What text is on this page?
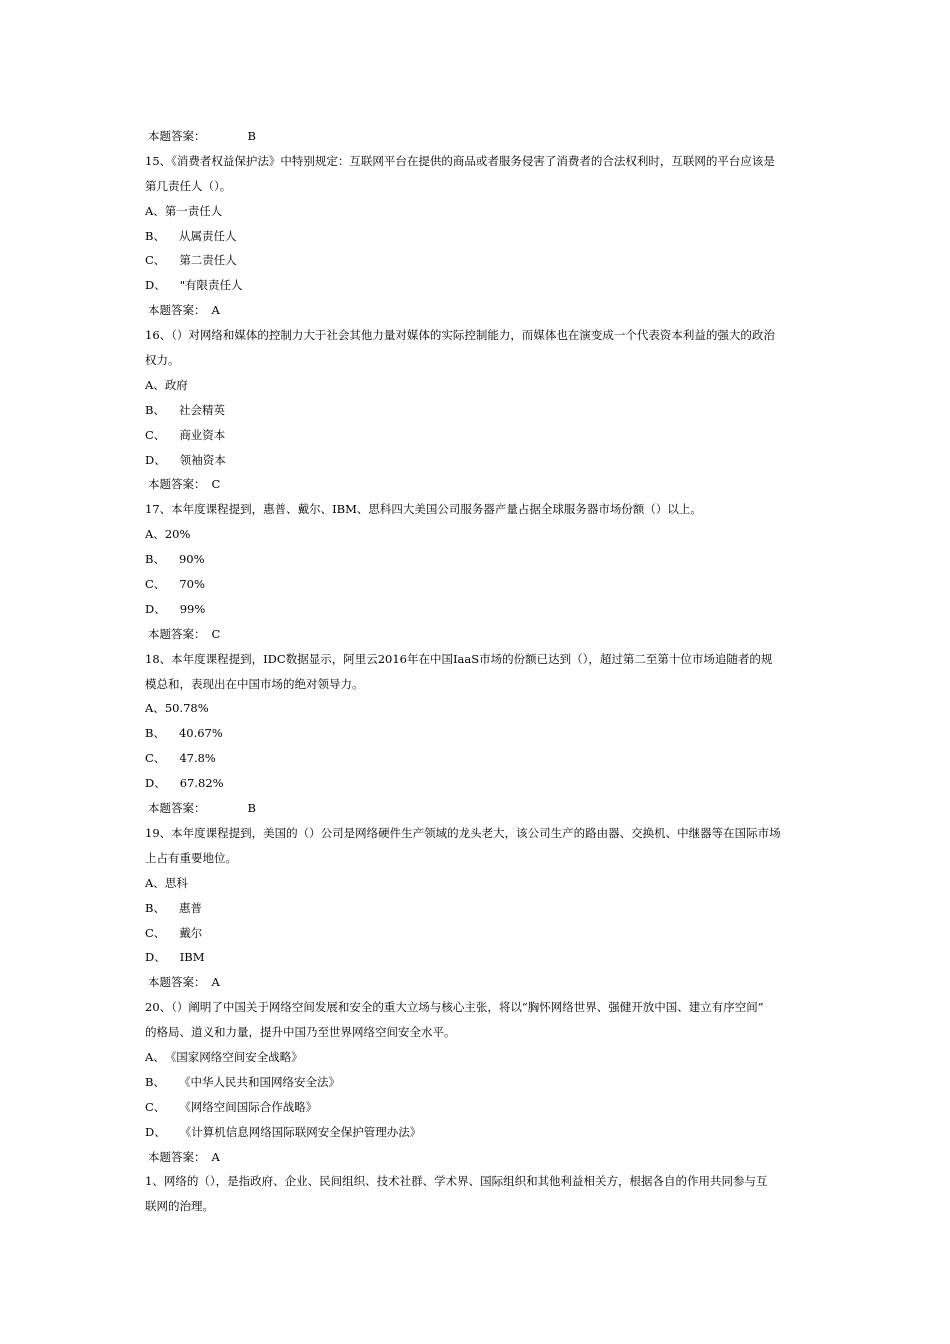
本题答案：	B
15、《消费者权益保护法》中特别规定：互联网平台在提供的商品或者服务侵害了消费者的合法权利时，互联网的平台应该是
第几责任人（）。
A、第一责任人
B、 从属责任人
C、 第二责任人
D、 "有限责任人
本题答案： A
16、（）对网络和媒体的控制力大于社会其他力量对媒体的实际控制能力，而媒体也在演变成一个代表资本利益的强大的政治
权力。
A、政府
B、 社会精英
C、 商业资本
D、 领袖资本
本题答案： C
17、本年度课程提到，惠普、戴尔、IBM、思科四大美国公司服务器产量占据全球服务器市场份额（）以上。
A、20%
B、 90%
C、 70%
D、 99%
本题答案： C
18、本年度课程提到，IDC数据显示，阿里云2016年在中国IaaS市场的份额已达到（），超过第二至第十位市场追随者的规
模总和，表现出在中国市场的绝对领导力。
A、50.78%
B、 40.67%
C、 47.8%
D、 67.82%
本题答案：	B
19、本年度课程提到，美国的（）公司是网络硬件生产领域的龙头老大，该公司生产的路由器、交换机、中继器等在国际市场
上占有重要地位。
A、思科
B、 惠普
C、 戴尔
D、 IBM
本题答案： A
20、（）阐明了中国关于网络空间发展和安全的重大立场与核心主张，将以“胸怀网络世界、强健开放中国、建立有序空间”
的格局、道义和力量，提升中国乃至世界网络空间安全水平。
A、《国家网络空间安全战略》
B、 《中华人民共和国网络安全法》
C、 《网络空间国际合作战略》
D、 《计算机信息网络国际联网安全保护管理办法》
本题答案： A
1、网络的（），是指政府、企业、民间组织、技术社群、学术界、国际组织和其他利益相关方，根据各自的作用共同参与互
联网的治理。
